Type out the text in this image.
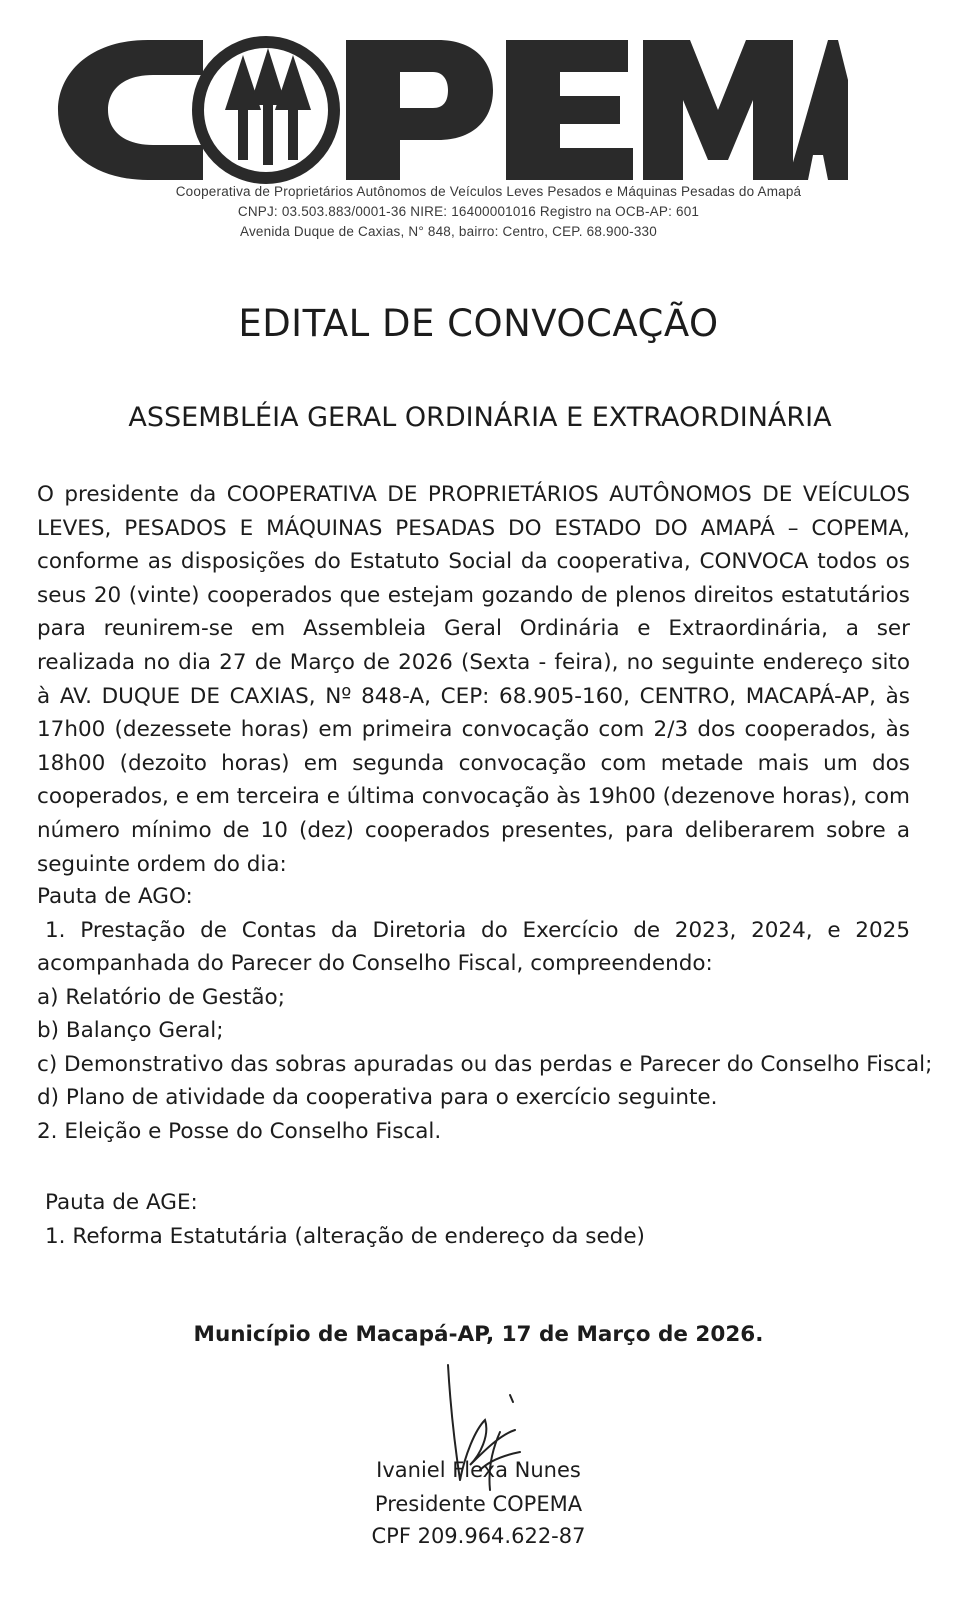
Cooperativa de Proprietários Autônomos de Veículos Leves Pesados e Máquinas Pesadas do Amapá
CNPJ: 03.503.883/0001-36 NIRE: 16400001016 Registro na OCB-AP: 601
Avenida Duque de Caxias, N° 848, bairro: Centro, CEP. 68.900-330
EDITAL DE CONVOCAÇÃO
ASSEMBLÉIA GERAL ORDINÁRIA E EXTRAORDINÁRIA
O presidente da COOPERATIVA DE PROPRIETÁRIOS AUTÔNOMOS DE VEÍCULOS LEVES, PESADOS E MÁQUINAS PESADAS DO ESTADO DO AMAPÁ – COPEMA, conforme as disposições do Estatuto Social da cooperativa, CONVOCA todos os seus 20 (vinte) cooperados que estejam gozando de plenos direitos estatutários para reunirem-se em Assembleia Geral Ordinária e Extraordinária, a ser realizada no dia 27 de Março de 2026 (Sexta - feira), no seguinte endereço sito à AV. DUQUE DE CAXIAS, Nº 848-A, CEP: 68.905-160, CENTRO, MACAPÁ-AP, às 17h00 (dezessete horas) em primeira convocação com 2/3 dos cooperados, às 18h00 (dezoito horas) em segunda convocação com metade mais um dos cooperados, e em terceira e última convocação às 19h00 (dezenove horas), com número mínimo de 10 (dez) cooperados presentes, para deliberarem sobre a seguinte ordem do dia:
Pauta de AGO:
1. Prestação de Contas da Diretoria do Exercício de 2023, 2024, e 2025
acompanhada do Parecer do Conselho Fiscal, compreendendo:
a) Relatório de Gestão;
b) Balanço Geral;
c) Demonstrativo das sobras apuradas ou das perdas e Parecer do Conselho Fiscal;
d) Plano de atividade da cooperativa para o exercício seguinte.
2. Eleição e Posse do Conselho Fiscal.
Pauta de AGE:
1. Reforma Estatutária (alteração de endereço da sede)
Município de Macapá-AP, 17 de Março de 2026.
Ivaniel Flexa Nunes
Presidente COPEMA
CPF 209.964.622-87
